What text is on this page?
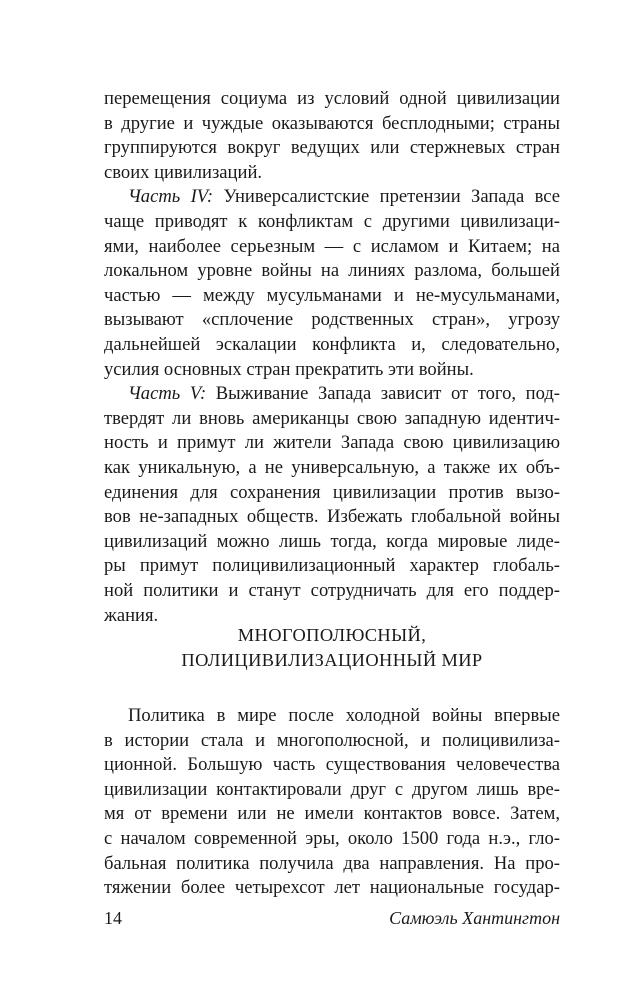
перемещения социума из условий одной цивилизации
в другие и чуждые оказываются бесплодными; страны
группируются вокруг ведущих или стержневых стран
своих цивилизаций.
Часть IV: Универсалистские претензии Запада все
чаще приводят к конфликтам с другими цивилизаци-
ями, наиболее серьезным — с исламом и Китаем; на
локальном уровне войны на линиях разлома, большей
частью — между мусульманами и не-мусульманами,
вызывают «сплочение родственных стран», угрозу
дальнейшей эскалации конфликта и, следовательно,
усилия основных стран прекратить эти войны.
Часть V: Выживание Запада зависит от того, под-
твердят ли вновь американцы свою западную идентич-
ность и примут ли жители Запада свою цивилизацию
как уникальную, а не универсальную, а также их объ-
единения для сохранения цивилизации против вызо-
вов не-западных обществ. Избежать глобальной войны
цивилизаций можно лишь тогда, когда мировые лиде-
ры примут полицивилизационный характер глобаль-
ной политики и станут сотрудничать для его поддер-
жания.
МНОГОПОЛЮСНЫЙ,
ПОЛИЦИВИЛИЗАЦИОННЫЙ МИР
Политика в мире после холодной войны впервые
в истории стала и многополюсной, и полицивилиза-
ционной. Большую часть существования человечества
цивилизации контактировали друг с другом лишь вре-
мя от времени или не имели контактов вовсе. Затем,
с началом современной эры, около 1500 года н.э., гло-
бальная политика получила два направления. На про-
тяжении более четырехсот лет национальные государ-
14	Самюэль Хантингтон
